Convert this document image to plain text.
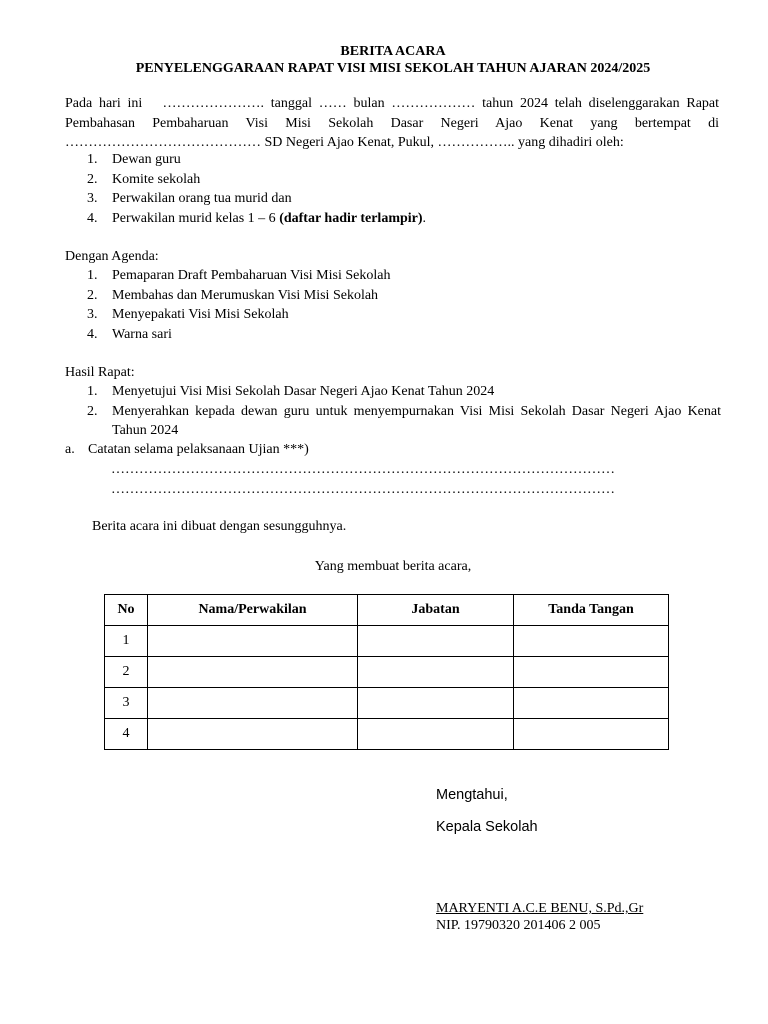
BERITA ACARA
PENYELENGGARAAN RAPAT VISI MISI SEKOLAH TAHUN AJARAN 2024/2025
Pada hari ini …………………. tanggal …… bulan ……………… tahun 2024 telah diselenggarakan Rapat Pembahasan Pembaharuan Visi Misi Sekolah Dasar Negeri Ajao Kenat yang bertempat di …………………………………… SD Negeri Ajao Kenat, Pukul, …………….. yang dihadiri oleh:
1. Dewan guru
2. Komite sekolah
3. Perwakilan orang tua murid dan
4. Perwakilan murid kelas 1 – 6 (daftar hadir terlampir).
Dengan Agenda:
1. Pemaparan Draft Pembaharuan Visi Misi Sekolah
2. Membahas dan Merumuskan Visi Misi Sekolah
3. Menyepakati Visi Misi Sekolah
4. Warna sari
Hasil Rapat:
1. Menyetujui Visi Misi Sekolah Dasar Negeri Ajao Kenat Tahun 2024
2. Menyerahkan kepada dewan guru untuk menyempurnakan Visi Misi Sekolah Dasar Negeri Ajao Kenat Tahun 2024
a. Catatan selama pelaksanaan Ujian ***)
………………………………………………………………………………………………
………………………………………………………………………………………………
Berita acara ini dibuat dengan sesungguhnya.
Yang membuat berita acara,
No	Nama/Perwakilan	Jabatan	Tanda Tangan
1			
2			
3			
4			
Mengtahui,
Kepala Sekolah
MARYENTI A.C.E BENU, S.Pd.,Gr
NIP. 19790320 201406 2 005
